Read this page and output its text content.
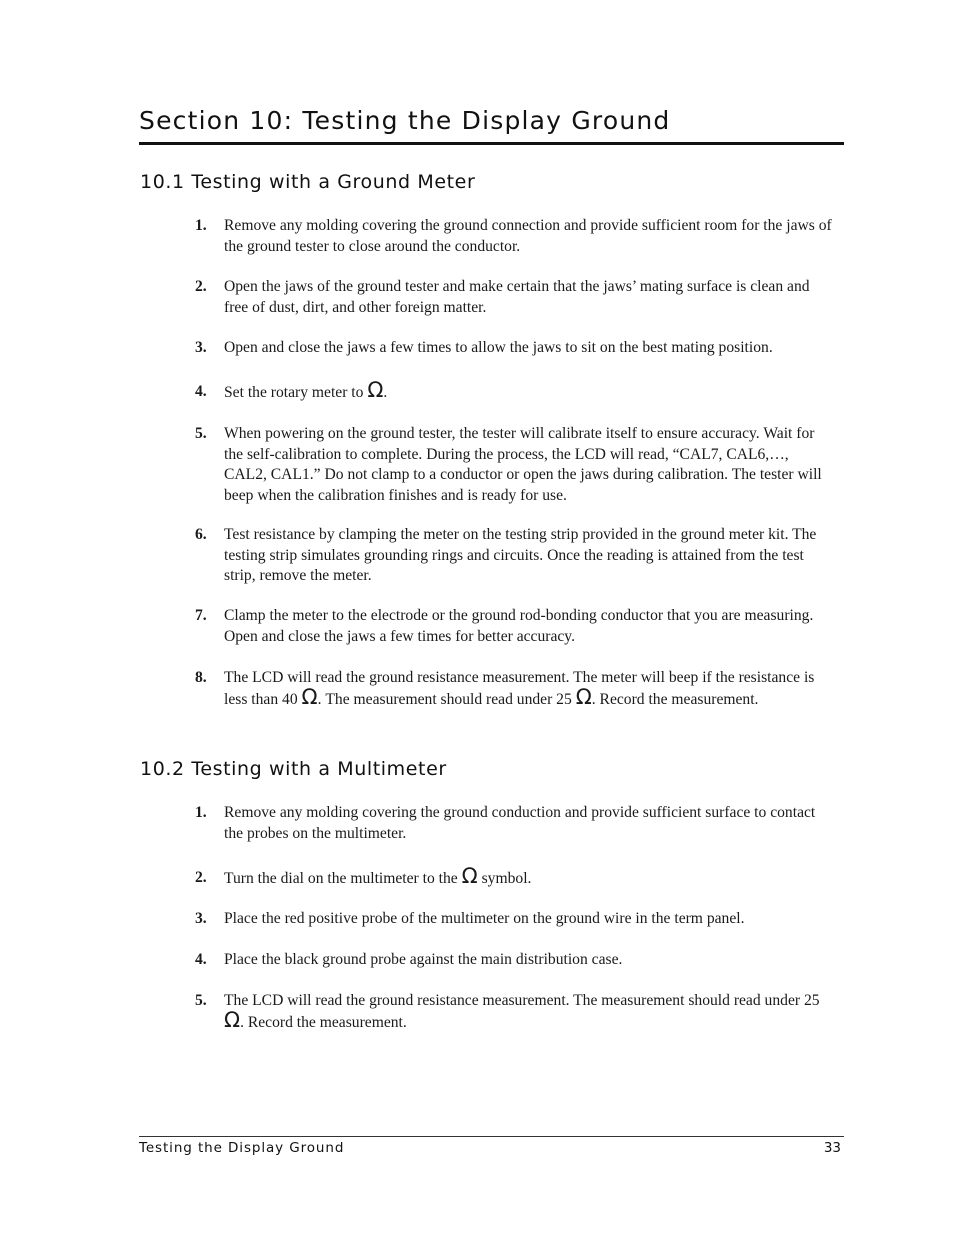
Section 10: Testing the Display Ground
10.1 Testing with a Ground Meter
1. Remove any molding covering the ground connection and provide sufficient room for the jaws of the ground tester to close around the conductor.
2. Open the jaws of the ground tester and make certain that the jaws’ mating surface is clean and free of dust, dirt, and other foreign matter.
3. Open and close the jaws a few times to allow the jaws to sit on the best mating position.
4. Set the rotary meter to Ω.
5. When powering on the ground tester, the tester will calibrate itself to ensure accuracy. Wait for the self-calibration to complete. During the process, the LCD will read, “CAL7, CAL6,…, CAL2, CAL1.” Do not clamp to a conductor or open the jaws during calibration. The tester will beep when the calibration finishes and is ready for use.
6. Test resistance by clamping the meter on the testing strip provided in the ground meter kit. The testing strip simulates grounding rings and circuits. Once the reading is attained from the test strip, remove the meter.
7. Clamp the meter to the electrode or the ground rod-bonding conductor that you are measuring. Open and close the jaws a few times for better accuracy.
8. The LCD will read the ground resistance measurement. The meter will beep if the resistance is less than 40 Ω. The measurement should read under 25 Ω. Record the measurement.
10.2 Testing with a Multimeter
1. Remove any molding covering the ground conduction and provide sufficient surface to contact the probes on the multimeter.
2. Turn the dial on the multimeter to the Ω symbol.
3. Place the red positive probe of the multimeter on the ground wire in the term panel.
4. Place the black ground probe against the main distribution case.
5. The LCD will read the ground resistance measurement. The measurement should read under 25 Ω. Record the measurement.
Testing the Display Ground	33
